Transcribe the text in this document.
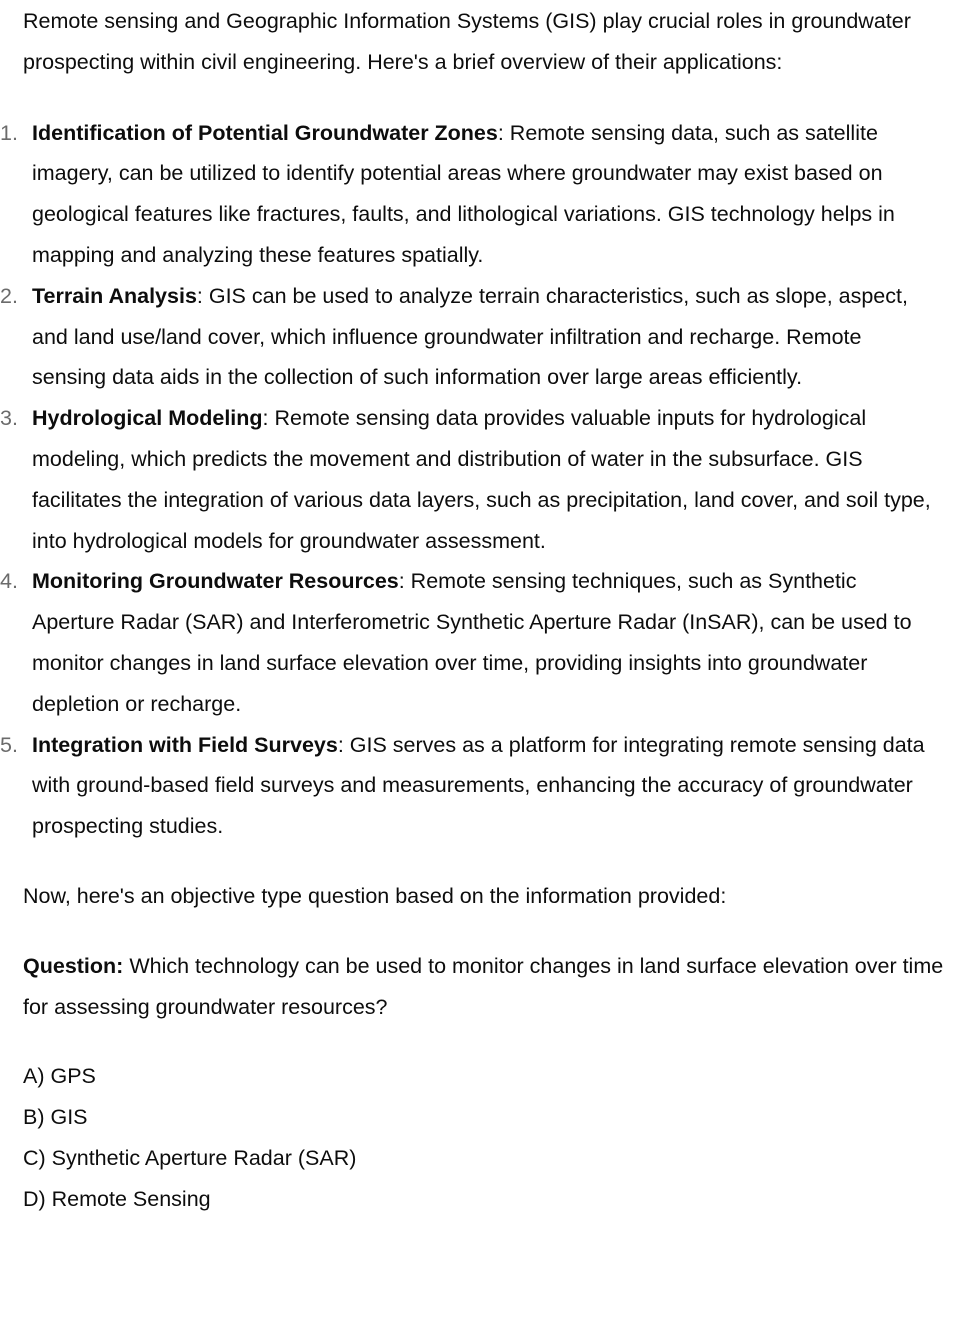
Remote sensing and Geographic Information Systems (GIS) play crucial roles in groundwater prospecting within civil engineering. Here's a brief overview of their applications:

1. Identification of Potential Groundwater Zones: Remote sensing data, such as satellite imagery, can be utilized to identify potential areas where groundwater may exist based on geological features like fractures, faults, and lithological variations. GIS technology helps in mapping and analyzing these features spatially.
2. Terrain Analysis: GIS can be used to analyze terrain characteristics, such as slope, aspect, and land use/land cover, which influence groundwater infiltration and recharge. Remote sensing data aids in the collection of such information over large areas efficiently.
3. Hydrological Modeling: Remote sensing data provides valuable inputs for hydrological modeling, which predicts the movement and distribution of water in the subsurface. GIS facilitates the integration of various data layers, such as precipitation, land cover, and soil type, into hydrological models for groundwater assessment.
4. Monitoring Groundwater Resources: Remote sensing techniques, such as Synthetic Aperture Radar (SAR) and Interferometric Synthetic Aperture Radar (InSAR), can be used to monitor changes in land surface elevation over time, providing insights into groundwater depletion or recharge.
5. Integration with Field Surveys: GIS serves as a platform for integrating remote sensing data with ground-based field surveys and measurements, enhancing the accuracy of groundwater prospecting studies.

Now, here's an objective type question based on the information provided:

Question: Which technology can be used to monitor changes in land surface elevation over time for assessing groundwater resources?

A) GPS
B) GIS
C) Synthetic Aperture Radar (SAR)
D) Remote Sensing
